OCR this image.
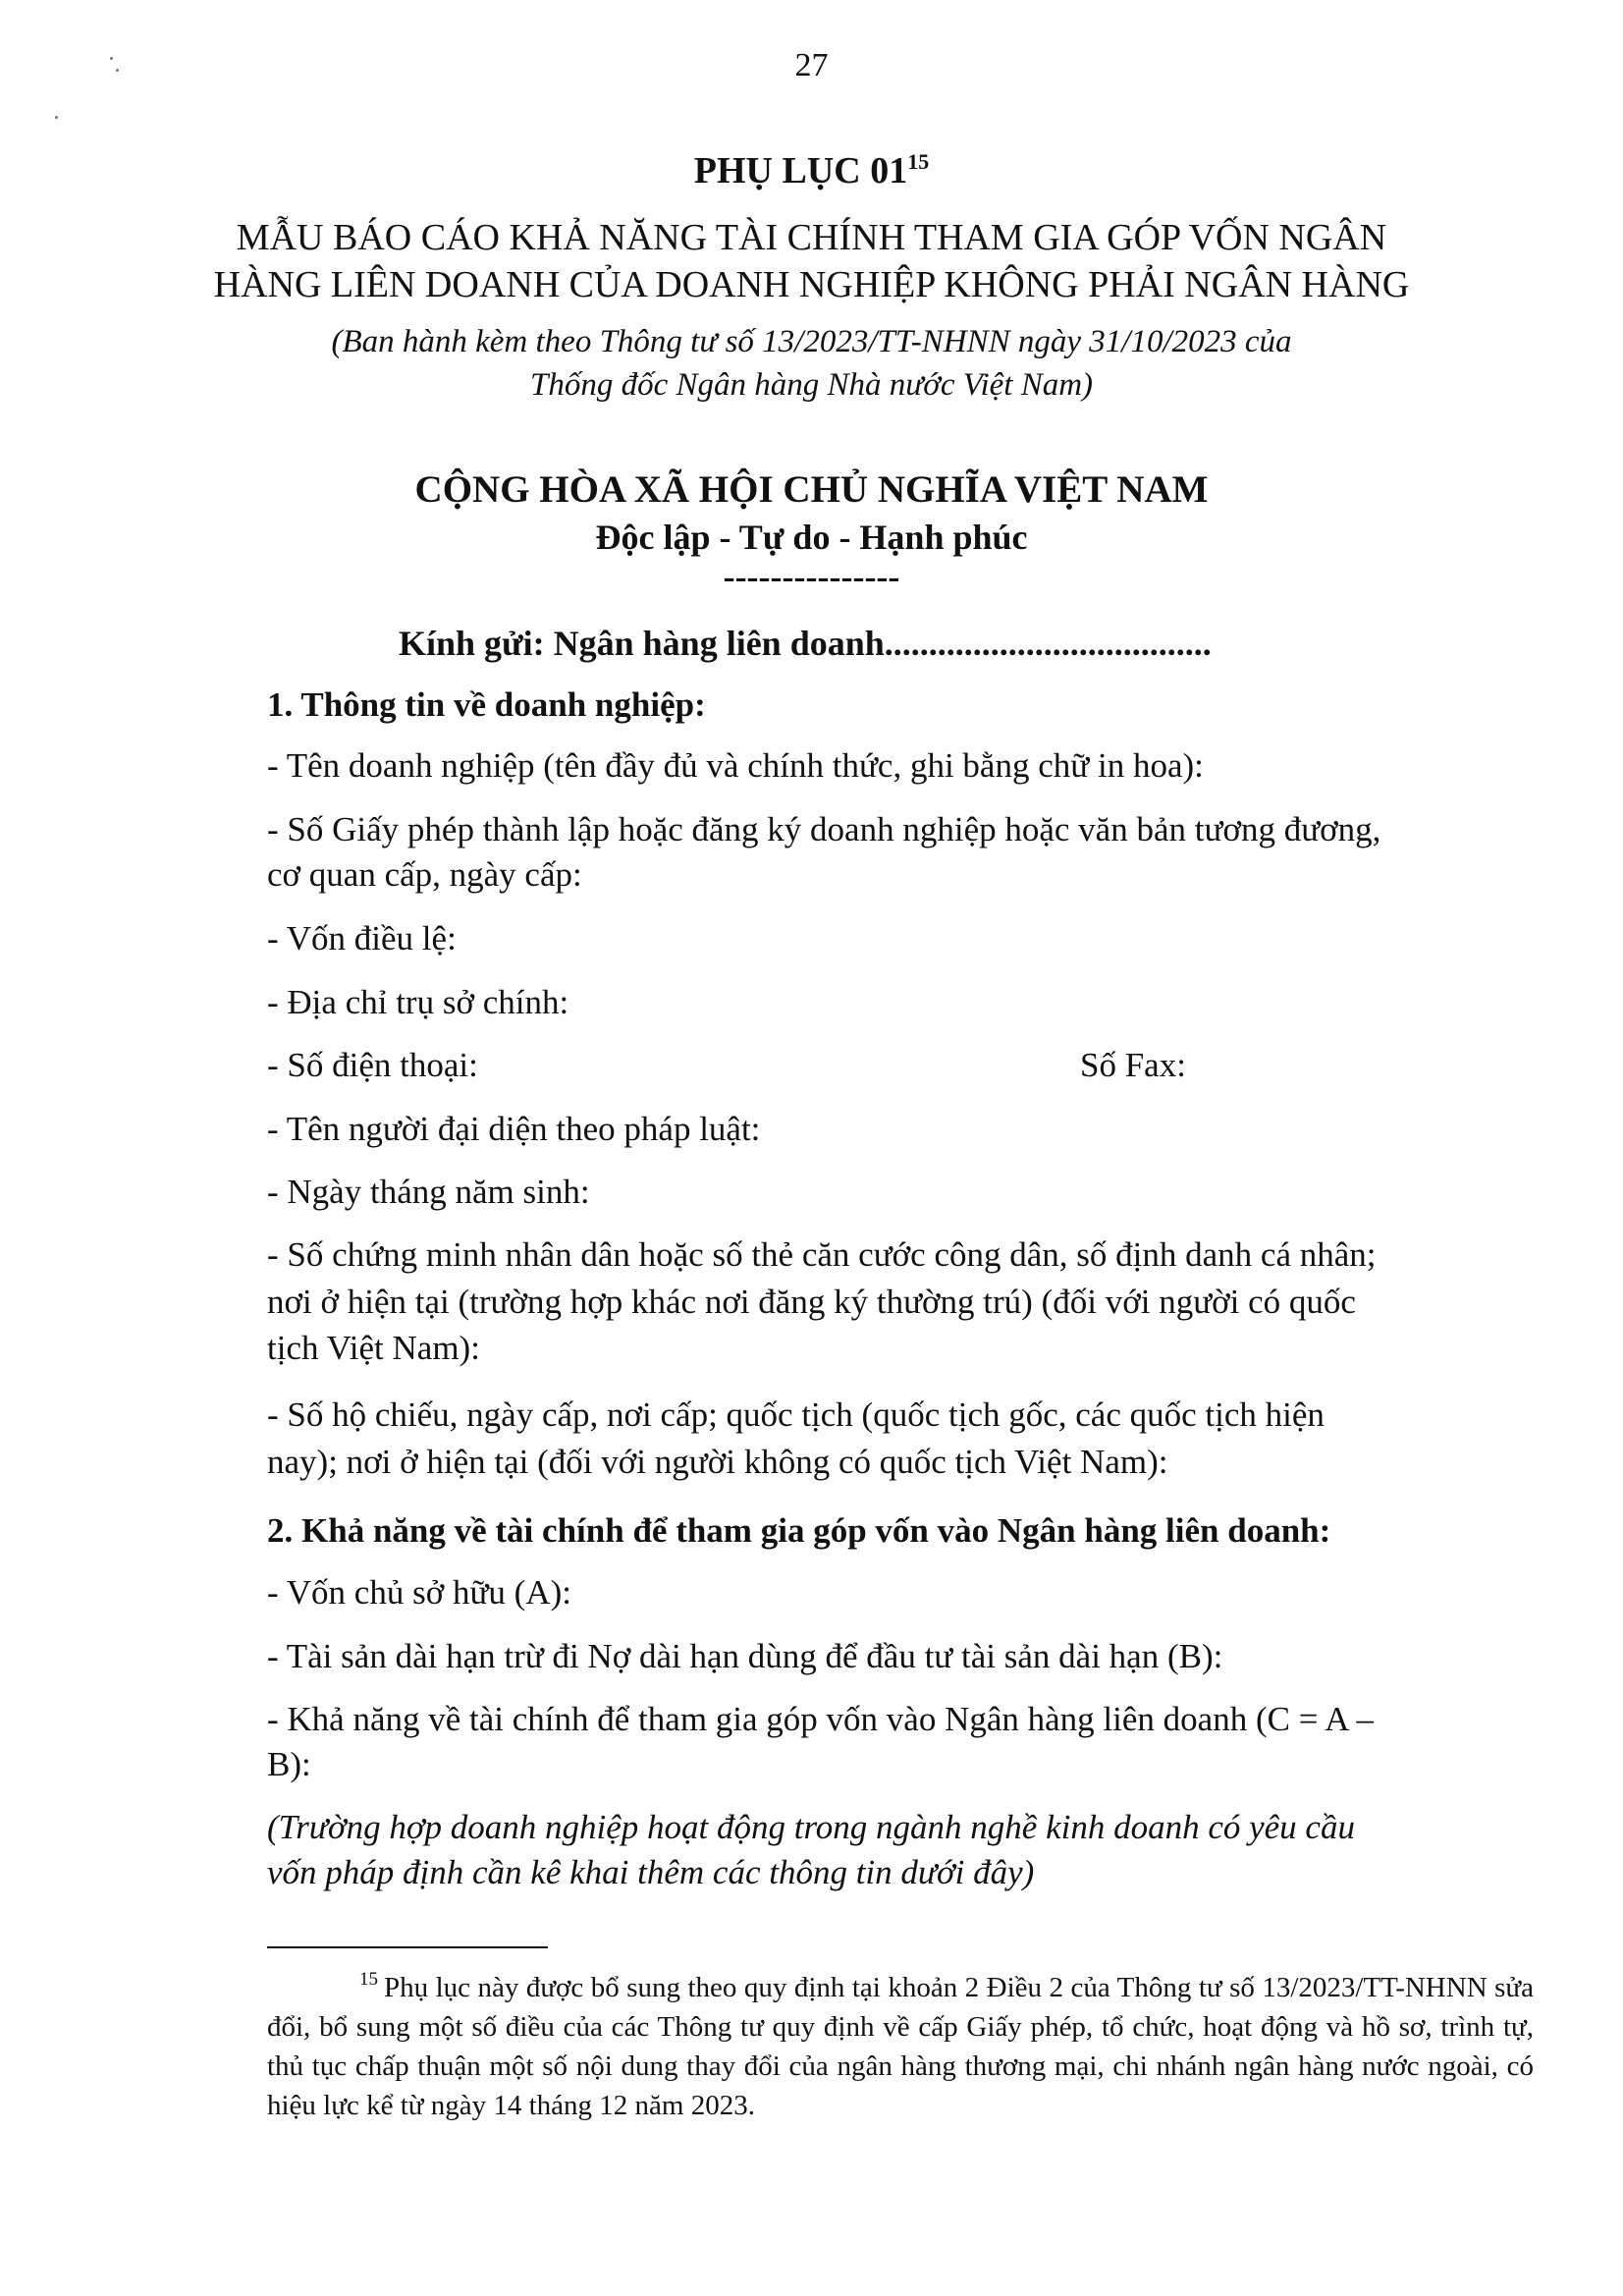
27
PHỤ LỤC $01^{15}$
MẪU BÁO CÁO KHẢ NĂNG TÀI CHÍNH THAM GIA GÓP VỐN NGÂN
HÀNG LIÊN DOANH CỦA DOANH NGHIỆP KHÔNG PHẢI NGÂN HÀNG
(Ban hành kèm theo Thông tư số 13/2023/TT-NHNN ngày 31/10/2023 của
Thống đốc Ngân hàng Nhà nước Việt Nam)
CỘNG HÒA XÃ HỘI CHỦ NGHĨA VIỆT NAM
Độc lập - Tự do - Hạnh phúc
---------------
Kính gửi: Ngân hàng liên doanh.....................................
1. Thông tin về doanh nghiệp:
- Tên doanh nghiệp (tên đầy đủ và chính thức, ghi bằng chữ in hoa):
- Số Giấy phép thành lập hoặc đăng ký doanh nghiệp hoặc văn bản tương đương,
cơ quan cấp, ngày cấp:
- Vốn điều lệ:
- Địa chỉ trụ sở chính:
- Số điện thoại:	Số Fax:
- Tên người đại diện theo pháp luật:
- Ngày tháng năm sinh:
- Số chứng minh nhân dân hoặc số thẻ căn cước công dân, số định danh cá nhân;
nơi ở hiện tại (trường hợp khác nơi đăng ký thường trú) (đối với người có quốc
tịch Việt Nam):
- Số hộ chiếu, ngày cấp, nơi cấp; quốc tịch (quốc tịch gốc, các quốc tịch hiện
nay); nơi ở hiện tại (đối với người không có quốc tịch Việt Nam):
2. Khả năng về tài chính để tham gia góp vốn vào Ngân hàng liên doanh:
- Vốn chủ sở hữu (A):
- Tài sản dài hạn trừ đi Nợ dài hạn dùng để đầu tư tài sản dài hạn (B):
- Khả năng về tài chính để tham gia góp vốn vào Ngân hàng liên doanh (C = A –
B):
(Trường hợp doanh nghiệp hoạt động trong ngành nghề kinh doanh có yêu cầu
vốn pháp định cần kê khai thêm các thông tin dưới đây)
$^{15}$ Phụ lục này được bổ sung theo quy định tại khoản 2 Điều 2 của Thông tư số 13/2023/TT-NHNN sửa đổi, bổ sung một số điều của các Thông tư quy định về cấp Giấy phép, tổ chức, hoạt động và hồ sơ, trình tự, thủ tục chấp thuận một số nội dung thay đổi của ngân hàng thương mại, chi nhánh ngân hàng nước ngoài, có hiệu lực kể từ ngày 14 tháng 12 năm 2023.
